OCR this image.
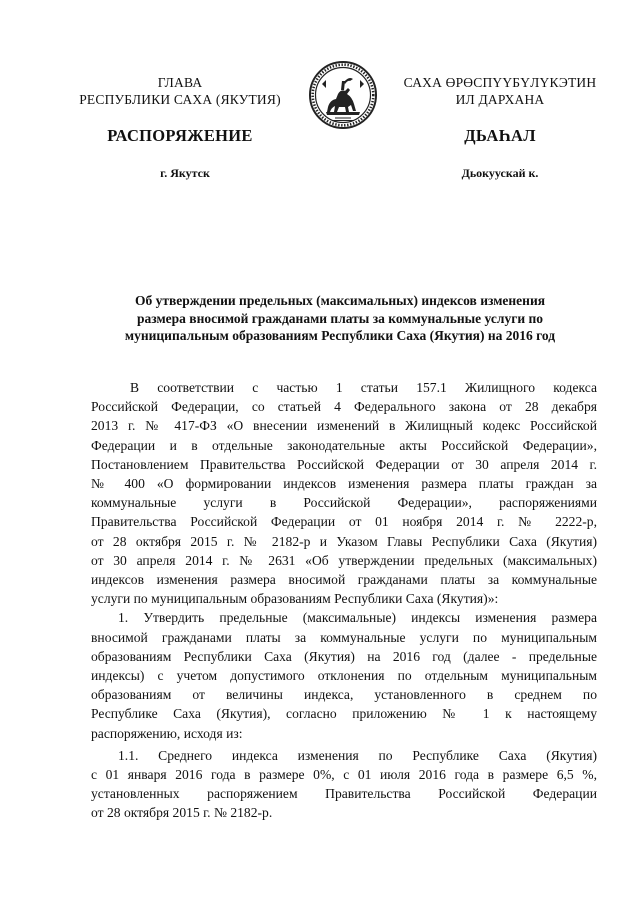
ГЛАВА
РЕСПУБЛИКИ САХА (ЯКУТИЯ)
САХА ӨРӨСПҮҮБҮЛҮКЭТИН
ИЛ ДАРХАНА
РАСПОРЯЖЕНИЕ	ДЬАҺАЛ
г. Якутск	Дьокуускай к.
Об утверждении предельных (максимальных) индексов изменения
размера вносимой гражданами платы за коммунальные услуги по
муниципальным образованиям Республики Саха (Якутия) на 2016 год
В соответствии с частью 1 статьи 157.1 Жилищного кодекса
Российской Федерации, со статьей 4 Федерального закона от 28 декабря
2013 г. № 417-ФЗ «О внесении изменений в Жилищный кодекс Российской
Федерации и в отдельные законодательные акты Российской Федерации»,
Постановлением Правительства Российской Федерации от 30 апреля 2014 г.
№ 400 «О формировании индексов изменения размера платы граждан за
коммунальные услуги в Российской Федерации», распоряжениями
Правительства Российской Федерации от 01 ноября 2014 г. № 2222-р,
от 28 октября 2015 г. № 2182-р и Указом Главы Республики Саха (Якутия)
от 30 апреля 2014 г. № 2631 «Об утверждении предельных (максимальных)
индексов изменения размера вносимой гражданами платы за коммунальные
услуги по муниципальным образованиям Республики Саха (Якутия)»:
1. Утвердить предельные (максимальные) индексы изменения размера
вносимой гражданами платы за коммунальные услуги по муниципальным
образованиям Республики Саха (Якутия) на 2016 год (далее - предельные
индексы) с учетом допустимого отклонения по отдельным муниципальным
образованиям от величины индекса, установленного в среднем по
Республике Саха (Якутия), согласно приложению № 1 к настоящему
распоряжению, исходя из:
1.1. Среднего индекса изменения по Республике Саха (Якутия)
с 01 января 2016 года в размере 0%, с 01 июля 2016 года в размере 6,5 %,
установленных распоряжением Правительства Российской Федерации
от 28 октября 2015 г. № 2182-р.
